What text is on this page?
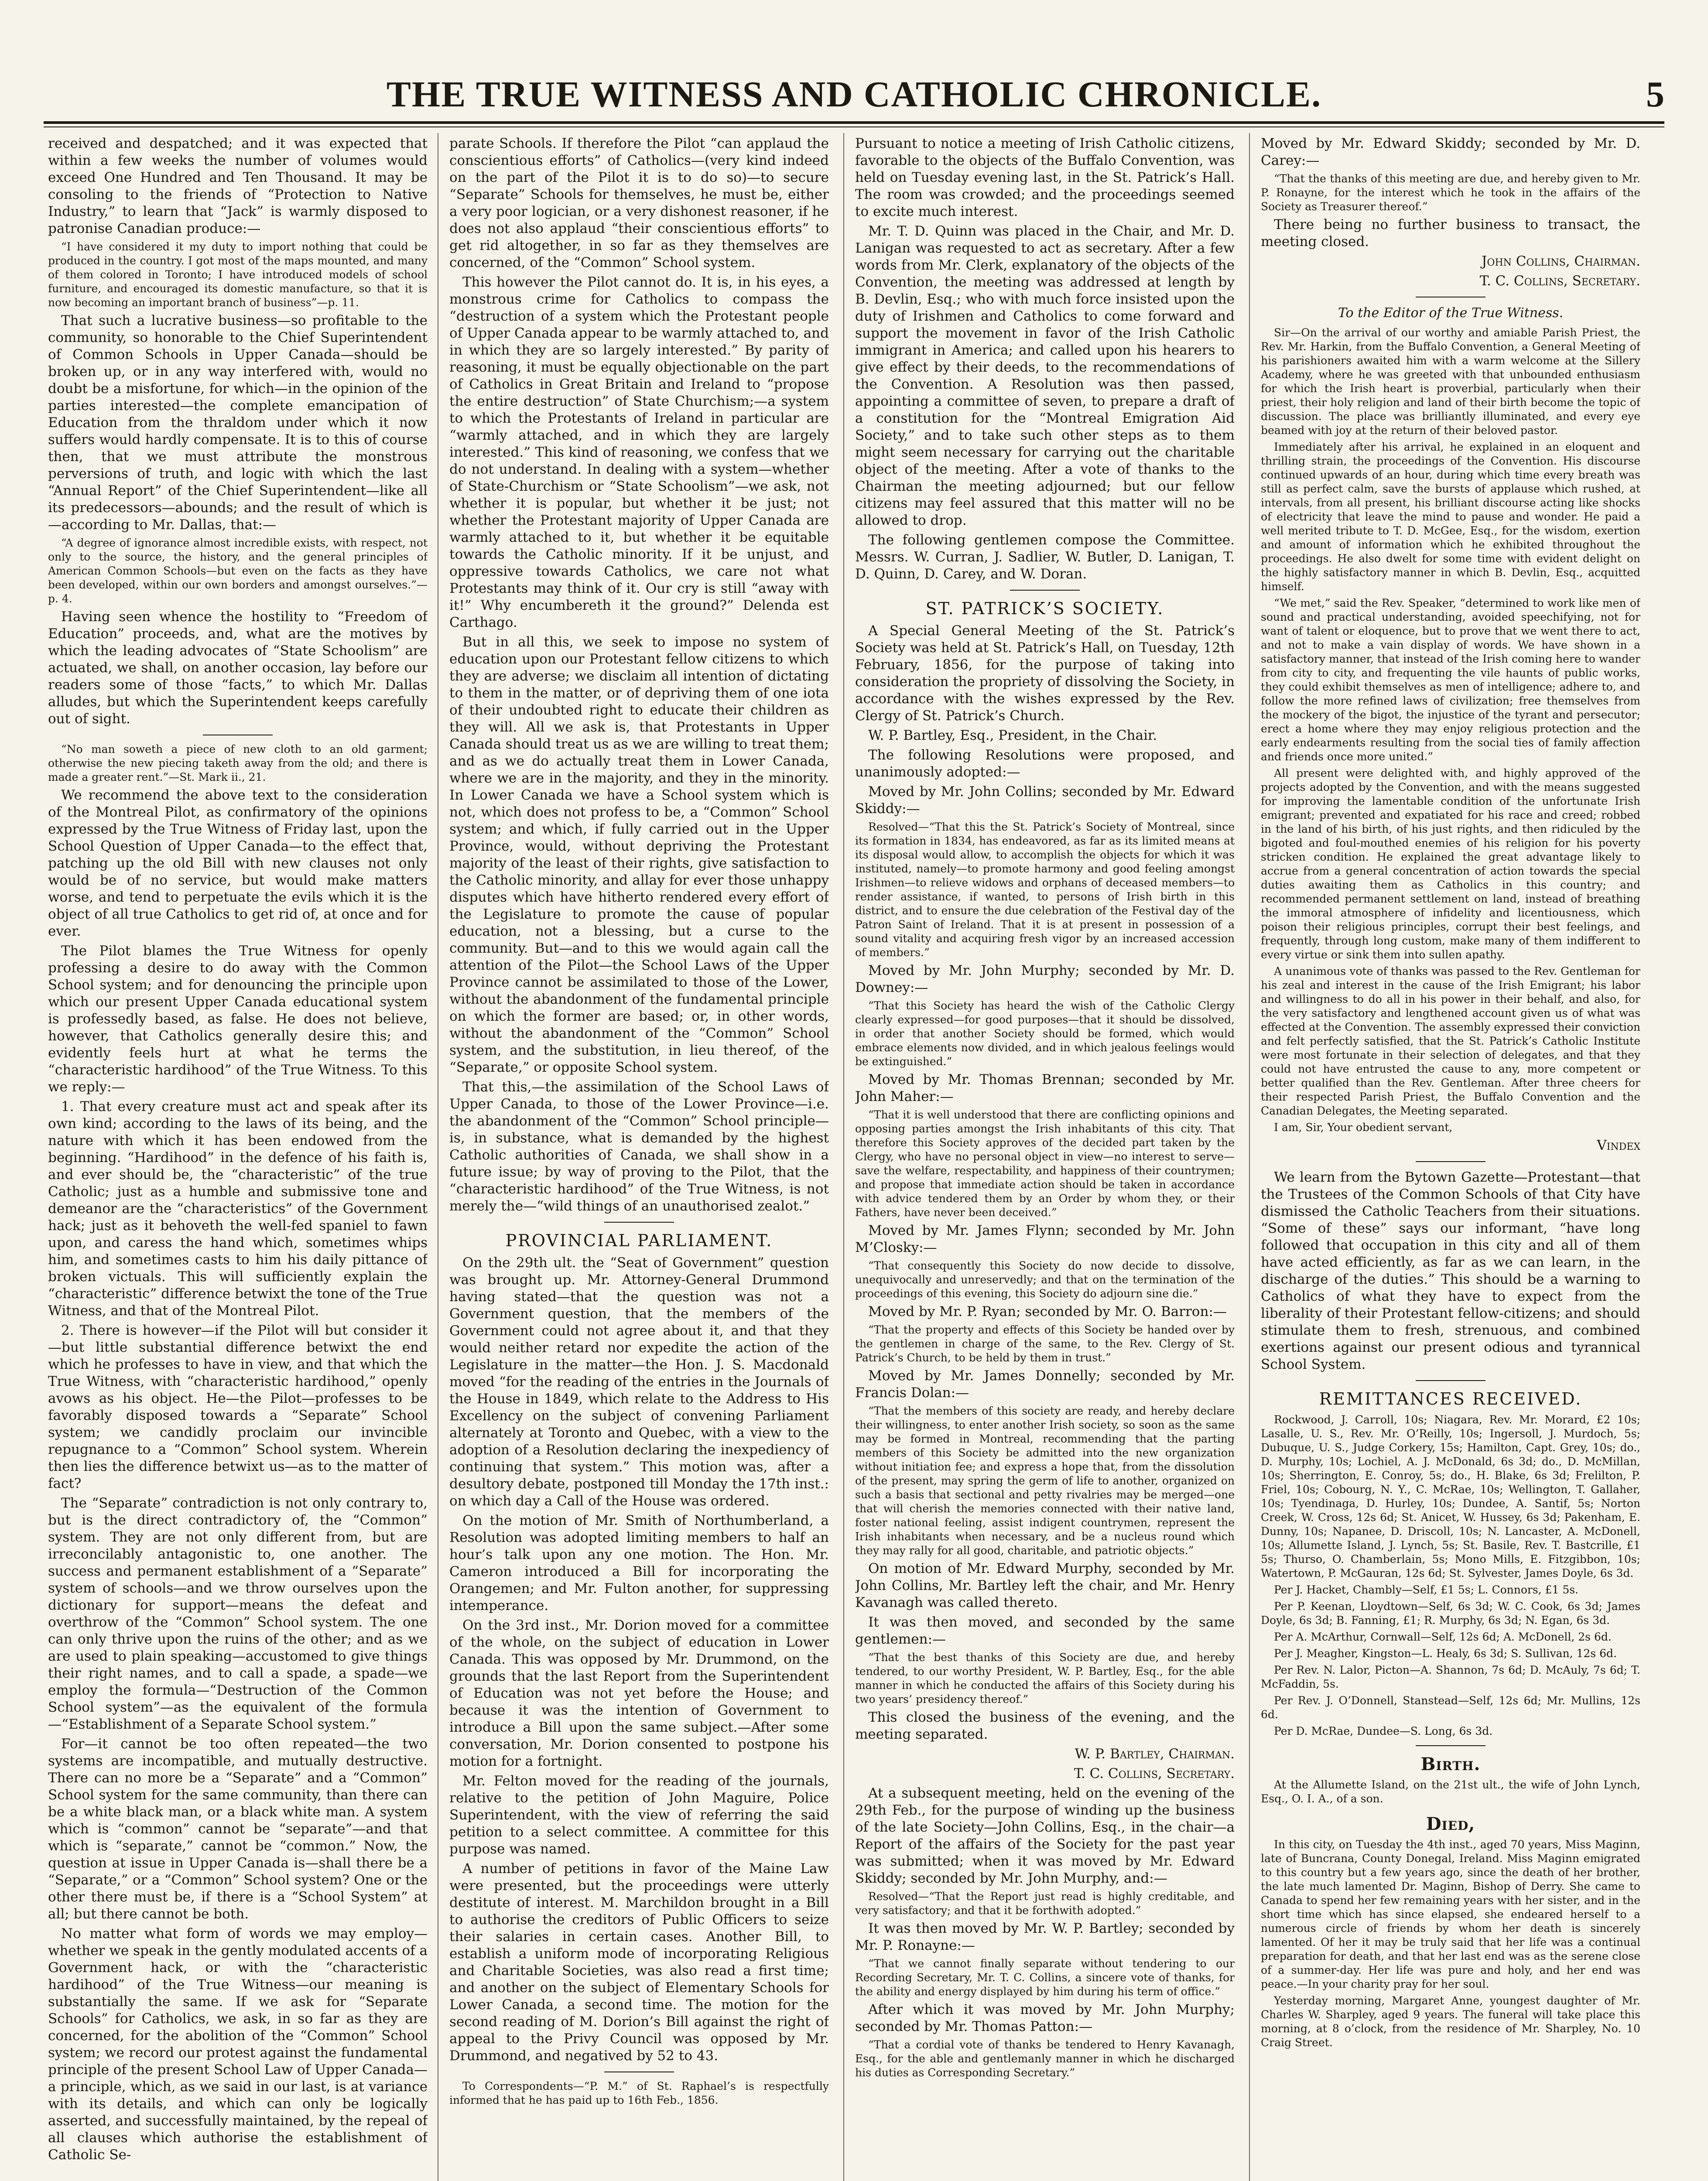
THE TRUE WITNESS AND CATHOLIC CHRONICLE.	5

received and despatched; and it was expected that within a few weeks the number of volumes would exceed One Hundred and Ten Thousand. It may be consoling to the friends of “Protection to Native Industry,” to learn that “Jack” is warmly disposed to patronise Canadian produce:—

“I have considered it my duty to import nothing that could be produced in the country. I got most of the maps mounted, and many of them colored in Toronto; I have introduced models of school furniture, and encouraged its domestic manufacture, so that it is now becoming an important branch of business”—p. 11.

That such a lucrative business—so profitable to the community, so honorable to the Chief Superintendent of Common Schools in Upper Canada—should be broken up, or in any way interfered with, would no doubt be a misfortune, for which—in the opinion of the parties interested—the complete emancipation of Education from the thraldom under which it now suffers would hardly compensate. It is to this of course then, that we must attribute the monstrous perversions of truth, and logic with which the last “Annual Report” of the Chief Superintendent—like all its predecessors—abounds; and the result of which is—according to Mr. Dallas, that:—

“A degree of ignorance almost incredible exists, with respect, not only to the source, the history, and the general principles of American Common Schools—but even on the facts as they have been developed, within our own borders and amongst ourselves.”—p. 4.

Having seen whence the hostility to “Freedom of Education” proceeds, and, what are the motives by which the leading advocates of “State Schoolism” are actuated, we shall, on another occasion, lay before our readers some of those “facts,” to which Mr. Dallas alludes, but which the Superintendent keeps carefully out of sight.

“No man soweth a piece of new cloth to an old garment; otherwise the new piecing taketh away from the old; and there is made a greater rent.”—St. Mark ii., 21.

We recommend the above text to the consideration of the Montreal Pilot, as confirmatory of the opinions expressed by the True Witness of Friday last, upon the School Question of Upper Canada—to the effect that, patching up the old Bill with new clauses not only would be of no service, but would make matters worse, and tend to perpetuate the evils which it is the object of all true Catholics to get rid of, at once and for ever.

The Pilot blames the True Witness for openly professing a desire to do away with the Common School system; and for denouncing the principle upon which our present Upper Canada educational system is professedly based, as false. He does not believe, however, that Catholics generally desire this; and evidently feels hurt at what he terms the “characteristic hardihood” of the True Witness. To this we reply:—

1. That every creature must act and speak after its own kind; according to the laws of its being, and the nature with which it has been endowed from the beginning. “Hardihood” in the defence of his faith is, and ever should be, the “characteristic” of the true Catholic; just as a humble and submissive tone and demeanor are the “characteristics” of the Government hack; just as it behoveth the well-fed spaniel to fawn upon, and caress the hand which, sometimes whips him, and sometimes casts to him his daily pittance of broken victuals. This will sufficiently explain the “characteristic” difference betwixt the tone of the True Witness, and that of the Montreal Pilot.

2. There is however—if the Pilot will but consider it—but little substantial difference betwixt the end which he professes to have in view, and that which the True Witness, with “characteristic hardihood,” openly avows as his object. He—the Pilot—professes to be favorably disposed towards a “Separate” School system; we candidly proclaim our invincible repugnance to a “Common” School system. Wherein then lies the difference betwixt us—as to the matter of fact?

The “Separate” contradiction is not only contrary to, but is the direct contradictory of, the “Common” system. They are not only different from, but are irreconcilably antagonistic to, one another. The success and permanent establishment of a “Separate” system of schools—and we throw ourselves upon the dictionary for support—means the defeat and overthrow of the “Common” School system. The one can only thrive upon the ruins of the other; and as we are used to plain speaking—accustomed to give things their right names, and to call a spade, a spade—we employ the formula—“Destruction of the Common School system”—as the equivalent of the formula—“Establishment of a Separate School system.”

For—it cannot be too often repeated—the two systems are incompatible, and mutually destructive. There can no more be a “Separate” and a “Common” School system for the same community, than there can be a white black man, or a black white man. A system which is “common” cannot be “separate”—and that which is “separate,” cannot be “common.” Now, the question at issue in Upper Canada is—shall there be a “Separate,” or a “Common” School system? One or the other there must be, if there is a “School System” at all; but there cannot be both.

No matter what form of words we may employ—whether we speak in the gently modulated accents of a Government hack, or with the “characteristic hardihood” of the True Witness—our meaning is substantially the same. If we ask for “Separate Schools” for Catholics, we ask, in so far as they are concerned, for the abolition of the “Common” School system; we record our protest against the fundamental principle of the present School Law of Upper Canada—a principle, which, as we said in our last, is at variance with its details, and which can only be logically asserted, and successfully maintained, by the repeal of all clauses which authorise the establishment of Catholic Se-

parate Schools. If therefore the Pilot “can applaud the conscientious efforts” of Catholics—(very kind indeed on the part of the Pilot it is to do so)—to secure “Separate” Schools for themselves, he must be, either a very poor logician, or a very dishonest reasoner, if he does not also applaud “their conscientious efforts” to get rid altogether, in so far as they themselves are concerned, of the “Common” School system.

This however the Pilot cannot do. It is, in his eyes, a monstrous crime for Catholics to compass the “destruction of a system which the Protestant people of Upper Canada appear to be warmly attached to, and in which they are so largely interested.” By parity of reasoning, it must be equally objectionable on the part of Catholics in Great Britain and Ireland to “propose the entire destruction” of State Churchism;—a system to which the Protestants of Ireland in particular are “warmly attached, and in which they are largely interested.” This kind of reasoning, we confess that we do not understand. In dealing with a system—whether of State-Churchism or “State Schoolism”—we ask, not whether it is popular, but whether it be just; not whether the Protestant majority of Upper Canada are warmly attached to it, but whether it be equitable towards the Catholic minority. If it be unjust, and oppressive towards Catholics, we care not what Protestants may think of it. Our cry is still “away with it!” Why encumbereth it the ground?” Delenda est Carthago.

But in all this, we seek to impose no system of education upon our Protestant fellow citizens to which they are adverse; we disclaim all intention of dictating to them in the matter, or of depriving them of one iota of their undoubted right to educate their children as they will. All we ask is, that Protestants in Upper Canada should treat us as we are willing to treat them; and as we do actually treat them in Lower Canada, where we are in the majority, and they in the minority. In Lower Canada we have a School system which is not, which does not profess to be, a “Common” School system; and which, if fully carried out in the Upper Province, would, without depriving the Protestant majority of the least of their rights, give satisfaction to the Catholic minority, and allay for ever those unhappy disputes which have hitherto rendered every effort of the Legislature to promote the cause of popular education, not a blessing, but a curse to the community. But—and to this we would again call the attention of the Pilot—the School Laws of the Upper Province cannot be assimilated to those of the Lower, without the abandonment of the fundamental principle on which the former are based; or, in other words, without the abandonment of the “Common” School system, and the substitution, in lieu thereof, of the “Separate,” or opposite School system.

That this,—the assimilation of the School Laws of Upper Canada, to those of the Lower Province—i.e. the abandonment of the “Common” School principle—is, in substance, what is demanded by the highest Catholic authorities of Canada, we shall show in a future issue; by way of proving to the Pilot, that the “characteristic hardihood” of the True Witness, is not merely the—“wild things of an unauthorised zealot.”

PROVINCIAL PARLIAMENT.

On the 29th ult. the “Seat of Government” question was brought up. Mr. Attorney-General Drummond having stated—that the question was not a Government question, that the members of the Government could not agree about it, and that they would neither retard nor expedite the action of the Legislature in the matter—the Hon. J. S. Macdonald moved “for the reading of the entries in the Journals of the House in 1849, which relate to the Address to His Excellency on the subject of convening Parliament alternately at Toronto and Quebec, with a view to the adoption of a Resolution declaring the inexpediency of continuing that system.” This motion was, after a desultory debate, postponed till Monday the 17th inst.: on which day a Call of the House was ordered.

On the motion of Mr. Smith of Northumberland, a Resolution was adopted limiting members to half an hour’s talk upon any one motion. The Hon. Mr. Cameron introduced a Bill for incorporating the Orangemen; and Mr. Fulton another, for suppressing intemperance.

On the 3rd inst., Mr. Dorion moved for a committee of the whole, on the subject of education in Lower Canada. This was opposed by Mr. Drummond, on the grounds that the last Report from the Superintendent of Education was not yet before the House; and because it was the intention of Government to introduce a Bill upon the same subject.—After some conversation, Mr. Dorion consented to postpone his motion for a fortnight.

Mr. Felton moved for the reading of the journals, relative to the petition of John Maguire, Police Superintendent, with the view of referring the said petition to a select committee. A committee for this purpose was named.

A number of petitions in favor of the Maine Law were presented, but the proceedings were utterly destitute of interest. M. Marchildon brought in a Bill to authorise the creditors of Public Officers to seize their salaries in certain cases. Another Bill, to establish a uniform mode of incorporating Religious and Charitable Societies, was also read a first time; and another on the subject of Elementary Schools for Lower Canada, a second time. The motion for the second reading of M. Dorion’s Bill against the right of appeal to the Privy Council was opposed by Mr. Drummond, and negatived by 52 to 43.

To Correspondents—“P. M.” of St. Raphael’s is respectfully informed that he has paid up to 16th Feb., 1856.

Pursuant to notice a meeting of Irish Catholic citizens, favorable to the objects of the Buffalo Convention, was held on Tuesday evening last, in the St. Patrick’s Hall. The room was crowded; and the proceedings seemed to excite much interest.

Mr. T. D. Quinn was placed in the Chair, and Mr. D. Lanigan was requested to act as secretary. After a few words from Mr. Clerk, explanatory of the objects of the Convention, the meeting was addressed at length by B. Devlin, Esq.; who with much force insisted upon the duty of Irishmen and Catholics to come forward and support the movement in favor of the Irish Catholic immigrant in America; and called upon his hearers to give effect by their deeds, to the recommendations of the Convention. A Resolution was then passed, appointing a committee of seven, to prepare a draft of a constitution for the “Montreal Emigration Aid Society,” and to take such other steps as to them might seem necessary for carrying out the charitable object of the meeting. After a vote of thanks to the Chairman the meeting adjourned; but our fellow citizens may feel assured that this matter will no be allowed to drop.

The following gentlemen compose the Committee. Messrs. W. Curran, J. Sadlier, W. Butler, D. Lanigan, T. D. Quinn, D. Carey, and W. Doran.

ST. PATRICK’S SOCIETY.

A Special General Meeting of the St. Patrick’s Society was held at St. Patrick’s Hall, on Tuesday, 12th February, 1856, for the purpose of taking into consideration the propriety of dissolving the Society, in accordance with the wishes expressed by the Rev. Clergy of St. Patrick’s Church.

W. P. Bartley, Esq., President, in the Chair.

The following Resolutions were proposed, and unanimously adopted:—

Moved by Mr. John Collins; seconded by Mr. Edward Skiddy:—

Resolved—“That this the St. Patrick’s Society of Montreal, since its formation in 1834, has endeavored, as far as its limited means at its disposal would allow, to accomplish the objects for which it was instituted, namely—to promote harmony and good feeling amongst Irishmen—to relieve widows and orphans of deceased members—to render assistance, if wanted, to persons of Irish birth in this district, and to ensure the due celebration of the Festival day of the Patron Saint of Ireland. That it is at present in possession of a sound vitality and acquiring fresh vigor by an increased accession of members.”

Moved by Mr. John Murphy; seconded by Mr. D. Downey:—

“That this Society has heard the wish of the Catholic Clergy clearly expressed—for good purposes—that it should be dissolved, in order that another Society should be formed, which would embrace elements now divided, and in which jealous feelings would be extinguished.”

Moved by Mr. Thomas Brennan; seconded by Mr. John Maher:—

“That it is well understood that there are conflicting opinions and opposing parties amongst the Irish inhabitants of this city. That therefore this Society approves of the decided part taken by the Clergy, who have no personal object in view—no interest to serve—save the welfare, respectability, and happiness of their countrymen; and propose that immediate action should be taken in accordance with advice tendered them by an Order by whom they, or their Fathers, have never been deceived.”

Moved by Mr. James Flynn; seconded by Mr. John M’Closky:—

“That consequently this Society do now decide to dissolve, unequivocally and unreservedly; and that on the termination of the proceedings of this evening, this Society do adjourn sine die.”

Moved by Mr. P. Ryan; seconded by Mr. O. Barron:—

“That the property and effects of this Society be handed over by the gentlemen in charge of the same, to the Rev. Clergy of St. Patrick’s Church, to be held by them in trust.”

Moved by Mr. James Donnelly; seconded by Mr. Francis Dolan:—

“That the members of this society are ready, and hereby declare their willingness, to enter another Irish society, so soon as the same may be formed in Montreal, recommending that the parting members of this Society be admitted into the new organization without initiation fee; and express a hope that, from the dissolution of the present, may spring the germ of life to another, organized on such a basis that sectional and petty rivalries may be merged—one that will cherish the memories connected with their native land, foster national feeling, assist indigent countrymen, represent the Irish inhabitants when necessary, and be a nucleus round which they may rally for all good, charitable, and patriotic objects.”

On motion of Mr. Edward Murphy, seconded by Mr. John Collins, Mr. Bartley left the chair, and Mr. Henry Kavanagh was called thereto.

It was then moved, and seconded by the same gentlemen:—

“That the best thanks of this Society are due, and hereby tendered, to our worthy President, W. P. Bartley, Esq., for the able manner in which he conducted the affairs of this Society during his two years’ presidency thereof.”

This closed the business of the evening, and the meeting separated.

W. P. Bartley, Chairman.

T. C. Collins, Secretary.

At a subsequent meeting, held on the evening of the 29th Feb., for the purpose of winding up the business of the late Society—John Collins, Esq., in the chair—a Report of the affairs of the Society for the past year was submitted; when it was moved by Mr. Edward Skiddy; seconded by Mr. John Murphy, and:—

Resolved—“That the Report just read is highly creditable, and very satisfactory; and that it be forthwith adopted.”

It was then moved by Mr. W. P. Bartley; seconded by Mr. P. Ronayne:—

“That we cannot finally separate without tendering to our Recording Secretary, Mr. T. C. Collins, a sincere vote of thanks, for the ability and energy displayed by him during his term of office.”

After which it was moved by Mr. John Murphy; seconded by Mr. Thomas Patton:—

“That a cordial vote of thanks be tendered to Henry Kavanagh, Esq., for the able and gentlemanly manner in which he discharged his duties as Corresponding Secretary.”

Moved by Mr. Edward Skiddy; seconded by Mr. D. Carey:—

“That the thanks of this meeting are due, and hereby given to Mr. P. Ronayne, for the interest which he took in the affairs of the Society as Treasurer thereof.”

There being no further business to transact, the meeting closed.

John Collins, Chairman.

T. C. Collins, Secretary.

To the Editor of the True Witness.

Sir—On the arrival of our worthy and amiable Parish Priest, the Rev. Mr. Harkin, from the Buffalo Convention, a General Meeting of his parishioners awaited him with a warm welcome at the Sillery Academy, where he was greeted with that unbounded enthusiasm for which the Irish heart is proverbial, particularly when their priest, their holy religion and land of their birth become the topic of discussion. The place was brilliantly illuminated, and every eye beamed with joy at the return of their beloved pastor.

Immediately after his arrival, he explained in an eloquent and thrilling strain, the proceedings of the Convention. His discourse continued upwards of an hour, during which time every breath was still as perfect calm, save the bursts of applause which rushed, at intervals, from all present, his brilliant discourse acting like shocks of electricity that leave the mind to pause and wonder. He paid a well merited tribute to T. D. McGee, Esq., for the wisdom, exertion and amount of information which he exhibited throughout the proceedings. He also dwelt for some time with evident delight on the highly satisfactory manner in which B. Devlin, Esq., acquitted himself.

“We met,” said the Rev. Speaker, “determined to work like men of sound and practical understanding, avoided speechifying, not for want of talent or eloquence, but to prove that we went there to act, and not to make a vain display of words. We have shown in a satisfactory manner, that instead of the Irish coming here to wander from city to city, and frequenting the vile haunts of public works, they could exhibit themselves as men of intelligence; adhere to, and follow the more refined laws of civilization; free themselves from the mockery of the bigot, the injustice of the tyrant and persecutor; erect a home where they may enjoy religious protection and the early endearments resulting from the social ties of family affection and friends once more united.”

All present were delighted with, and highly approved of the projects adopted by the Convention, and with the means suggested for improving the lamentable condition of the unfortunate Irish emigrant; prevented and expatiated for his race and creed; robbed in the land of his birth, of his just rights, and then ridiculed by the bigoted and foul-mouthed enemies of his religion for his poverty stricken condition. He explained the great advantage likely to accrue from a general concentration of action towards the special duties awaiting them as Catholics in this country; and recommended permanent settlement on land, instead of breathing the immoral atmosphere of infidelity and licentiousness, which poison their religious principles, corrupt their best feelings, and frequently, through long custom, make many of them indifferent to every virtue or sink them into sullen apathy.

A unanimous vote of thanks was passed to the Rev. Gentleman for his zeal and interest in the cause of the Irish Emigrant; his labor and willingness to do all in his power in their behalf, and also, for the very satisfactory and lengthened account given us of what was effected at the Convention. The assembly expressed their conviction and felt perfectly satisfied, that the St. Patrick’s Catholic Institute were most fortunate in their selection of delegates, and that they could not have entrusted the cause to any, more competent or better qualified than the Rev. Gentleman. After three cheers for their respected Parish Priest, the Buffalo Convention and the Canadian Delegates, the Meeting separated.

I am, Sir, Your obedient servant,

Vindex

We learn from the Bytown Gazette—Protestant—that the Trustees of the Common Schools of that City have dismissed the Catholic Teachers from their situations. “Some of these” says our informant, “have long followed that occupation in this city and all of them have acted efficiently, as far as we can learn, in the discharge of the duties.” This should be a warning to Catholics of what they have to expect from the liberality of their Protestant fellow-citizens; and should stimulate them to fresh, strenuous, and combined exertions against our present odious and tyrannical School System.

REMITTANCES RECEIVED.

Rockwood, J. Carroll, 10s; Niagara, Rev. Mr. Morard, £2 10s; Lasalle, U. S., Rev. Mr. O’Reilly, 10s; Ingersoll, J. Murdoch, 5s; Dubuque, U. S., Judge Corkery, 15s; Hamilton, Capt. Grey, 10s; do., D. Murphy, 10s; Lochiel, A. J. McDonald, 6s 3d; do., D. McMillan, 10s; Sherrington, E. Conroy, 5s; do., H. Blake, 6s 3d; Frelilton, P. Friel, 10s; Cobourg, N. Y., C. McRae, 10s; Wellington, T. Gallaher, 10s; Tyendinaga, D. Hurley, 10s; Dundee, A. Santif, 5s; Norton Creek, W. Cross, 12s 6d; St. Anicet, W. Hussey, 6s 3d; Pakenham, E. Dunny, 10s; Napanee, D. Driscoll, 10s; N. Lancaster, A. McDonell, 10s; Allumette Island, J. Lynch, 5s; St. Basile, Rev. T. Bastcrille, £1 5s; Thurso, O. Chamberlain, 5s; Mono Mills, E. Fitzgibbon, 10s; Watertown, P. McGauran, 12s 6d; St. Sylvester, James Doyle, 6s 3d.

Per J. Hacket, Chambly—Self, £1 5s; L. Connors, £1 5s.

Per P. Keenan, Lloydtown—Self, 6s 3d; W. C. Cook, 6s 3d; James Doyle, 6s 3d; B. Fanning, £1; R. Murphy, 6s 3d; N. Egan, 6s 3d.

Per A. McArthur, Cornwall—Self, 12s 6d; A. McDonell, 2s 6d.

Per J. Meagher, Kingston—L. Healy, 6s 3d; S. Sullivan, 12s 6d.

Per Rev. N. Lalor, Picton—A. Shannon, 7s 6d; D. McAuly, 7s 6d; T. McFaddin, 5s.

Per Rev. J. O’Donnell, Stanstead—Self, 12s 6d; Mr. Mullins, 12s 6d.

Per D. McRae, Dundee—S. Long, 6s 3d.

Birth.

At the Allumette Island, on the 21st ult., the wife of John Lynch, Esq., O. I. A., of a son.

Died,

In this city, on Tuesday the 4th inst., aged 70 years, Miss Maginn, late of Buncrana, County Donegal, Ireland. Miss Maginn emigrated to this country but a few years ago, since the death of her brother, the late much lamented Dr. Maginn, Bishop of Derry. She came to Canada to spend her few remaining years with her sister, and in the short time which has since elapsed, she endeared herself to a numerous circle of friends by whom her death is sincerely lamented. Of her it may be truly said that her life was a continual preparation for death, and that her last end was as the serene close of a summer-day. Her life was pure and holy, and her end was peace.—In your charity pray for her soul.

Yesterday morning, Margaret Anne, youngest daughter of Mr. Charles W. Sharpley, aged 9 years. The funeral will take place this morning, at 8 o’clock, from the residence of Mr. Sharpley, No. 10 Craig Street.
